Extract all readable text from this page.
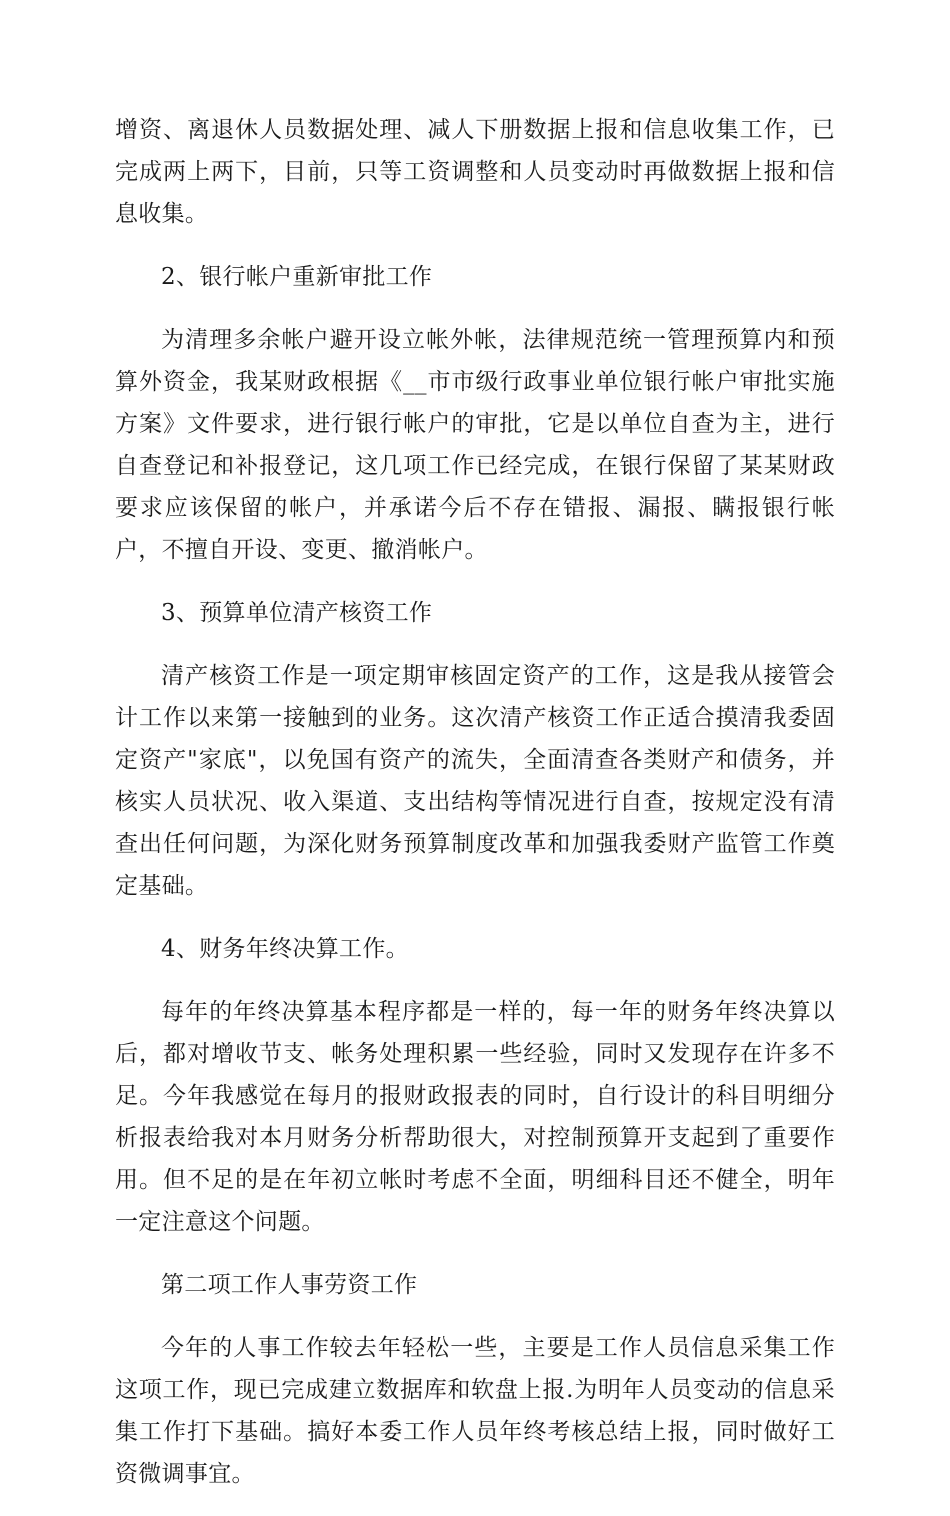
增资、离退休人员数据处理、减人下册数据上报和信息收集工作，已完成两上两下，目前，只等工资调整和人员变动时再做数据上报和信息收集。

2、银行帐户重新审批工作

为清理多余帐户避开设立帐外帐，法律规范统一管理预算内和预算外资金，我某财政根据《__市市级行政事业单位银行帐户审批实施方案》文件要求，进行银行帐户的审批，它是以单位自查为主，进行自查登记和补报登记，这几项工作已经完成，在银行保留了某某财政要求应该保留的帐户，并承诺今后不存在错报、漏报、瞒报银行帐户，不擅自开设、变更、撤消帐户。

3、预算单位清产核资工作

清产核资工作是一项定期审核固定资产的工作，这是我从接管会计工作以来第一接触到的业务。这次清产核资工作正适合摸清我委固定资产"家底"，以免国有资产的流失，全面清查各类财产和债务，并核实人员状况、收入渠道、支出结构等情况进行自查，按规定没有清查出任何问题，为深化财务预算制度改革和加强我委财产监管工作奠定基础。

4、财务年终决算工作。

每年的年终决算基本程序都是一样的，每一年的财务年终决算以后，都对增收节支、帐务处理积累一些经验，同时又发现存在许多不足。今年我感觉在每月的报财政报表的同时，自行设计的科目明细分析报表给我对本月财务分析帮助很大，对控制预算开支起到了重要作用。但不足的是在年初立帐时考虑不全面，明细科目还不健全，明年一定注意这个问题。

第二项工作人事劳资工作

今年的人事工作较去年轻松一些，主要是工作人员信息采集工作这项工作，现已完成建立数据库和软盘上报.为明年人员变动的信息采集工作打下基础。搞好本委工作人员年终考核总结上报，同时做好工资微调事宜。
